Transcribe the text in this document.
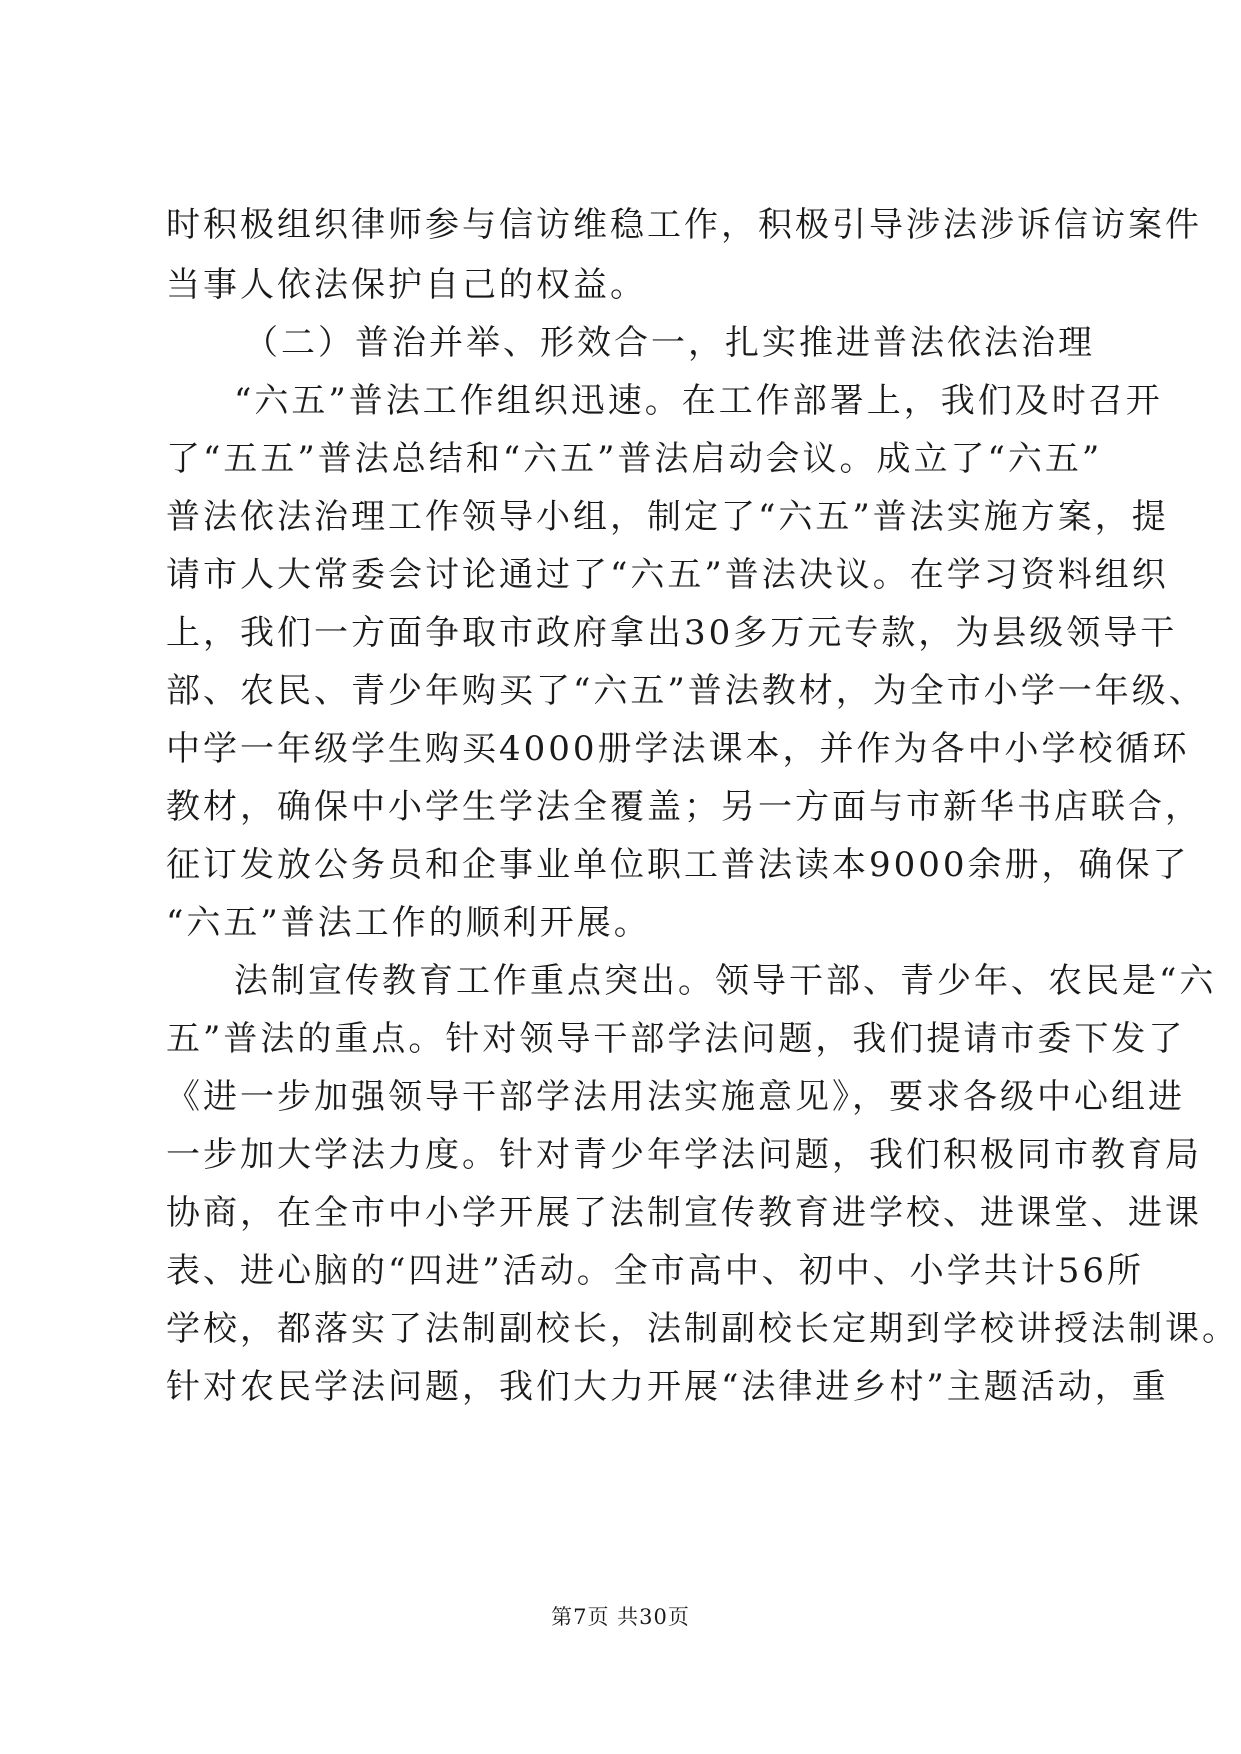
时积极组织律师参与信访维稳工作，积极引导涉法涉诉信访案件

当事人依法保护自己的权益。

（二）普治并举、形效合一，扎实推进普法依法治理

“六五”普法工作组织迅速。在工作部署上，我们及时召开

了“五五”普法总结和“六五”普法启动会议。成立了“六五”

普法依法治理工作领导小组，制定了“六五”普法实施方案，提

请市人大常委会讨论通过了“六五”普法决议。在学习资料组织

上，我们一方面争取市政府拿出30多万元专款，为县级领导干

部、农民、青少年购买了“六五”普法教材，为全市小学一年级、

中学一年级学生购买4000册学法课本，并作为各中小学校循环

教材，确保中小学生学法全覆盖；另一方面与市新华书店联合，

征订发放公务员和企事业单位职工普法读本9000余册，确保了

“六五”普法工作的顺利开展。

法制宣传教育工作重点突出。领导干部、青少年、农民是“六

五”普法的重点。针对领导干部学法问题，我们提请市委下发了

《进一步加强领导干部学法用法实施意见》，要求各级中心组进

一步加大学法力度。针对青少年学法问题，我们积极同市教育局

协商，在全市中小学开展了法制宣传教育进学校、进课堂、进课

表、进心脑的“四进”活动。全市高中、初中、小学共计56所

学校，都落实了法制副校长，法制副校长定期到学校讲授法制课。

针对农民学法问题，我们大力开展“法律进乡村”主题活动，重

第7页 共30页
